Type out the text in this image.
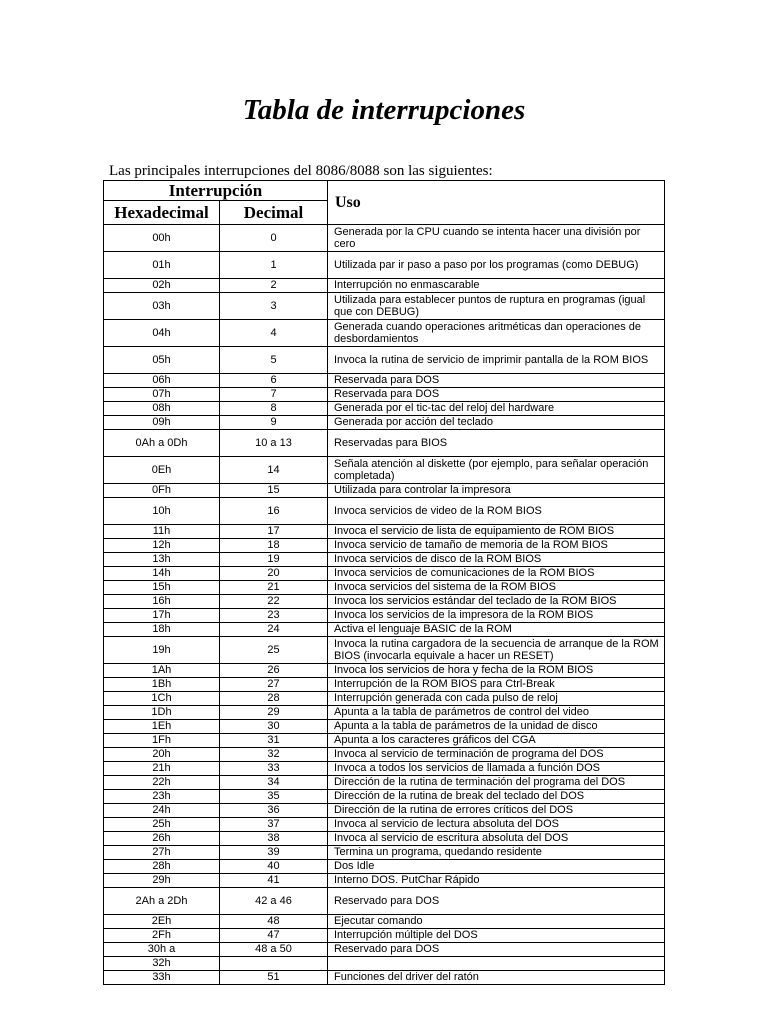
Tabla de interrupciones
Las principales interrupciones del 8086/8088 son las siguientes:
Interrupción		Uso
Hexadecimal	Decimal	
00h	0	Generada por la CPU cuando se intenta hacer una división por cero
01h	1	Utilizada par ir paso a paso por los programas (como DEBUG)
02h	2	Interrupción no enmascarable
03h	3	Utilizada para establecer puntos de ruptura en programas (igual que con DEBUG)
04h	4	Generada cuando operaciones aritméticas dan operaciones de desbordamientos
05h	5	Invoca la rutina de servicio de imprimir pantalla de la ROM BIOS
06h	6	Reservada para DOS
07h	7	Reservada para DOS
08h	8	Generada por el tic-tac del reloj del hardware
09h	9	Generada por acción del teclado
0Ah a 0Dh	10 a 13	Reservadas para BIOS
0Eh	14	Señala atención al diskette (por ejemplo, para señalar operación completada)
0Fh	15	Utilizada para controlar la impresora
10h	16	Invoca servicios de video de la ROM BIOS
11h	17	Invoca el servicio de lista de equipamiento de ROM BIOS
12h	18	Invoca servicio de tamaño de memoria de la ROM BIOS
13h	19	Invoca servicios de disco de la ROM BIOS
14h	20	Invoca servicios de comunicaciones de la ROM BIOS
15h	21	Invoca servicios del sistema de la ROM BIOS
16h	22	Invoca los servicios estándar del teclado de la ROM BIOS
17h	23	Invoca los servicios de la impresora de la ROM BIOS
18h	24	Activa el lenguaje BASIC de la ROM
19h	25	Invoca la rutina cargadora de la secuencia de arranque de la ROM BIOS (invocarla equivale a hacer un RESET)
1Ah	26	Invoca los servicios de hora y fecha de la ROM BIOS
1Bh	27	Interrupción de la ROM BIOS para Ctrl-Break
1Ch	28	Interrupción generada con cada pulso de reloj
1Dh	29	Apunta a la tabla de parámetros de control del video
1Eh	30	Apunta a la tabla de parámetros de la unidad de disco
1Fh	31	Apunta a los caracteres gráficos del CGA
20h	32	Invoca al servicio de terminación de programa del DOS
21h	33	Invoca a todos los servicios de llamada a función DOS
22h	34	Dirección de la rutina de terminación del programa del DOS
23h	35	Dirección de la rutina de break del teclado del DOS
24h	36	Dirección de la rutina de errores críticos del DOS
25h	37	Invoca al servicio de lectura absoluta del DOS
26h	38	Invoca al servicio de escritura absoluta del DOS
27h	39	Termina un programa, quedando residente
28h	40	Dos Idle
29h	41	Interno DOS. PutChar Rápido
2Ah a 2Dh	42 a 46	Reservado para DOS
2Eh	48	Ejecutar comando
2Fh	47	Interrupción múltiple del DOS
30h a	48 a 50	Reservado para DOS
32h		
33h	51	Funciones del driver del ratón
